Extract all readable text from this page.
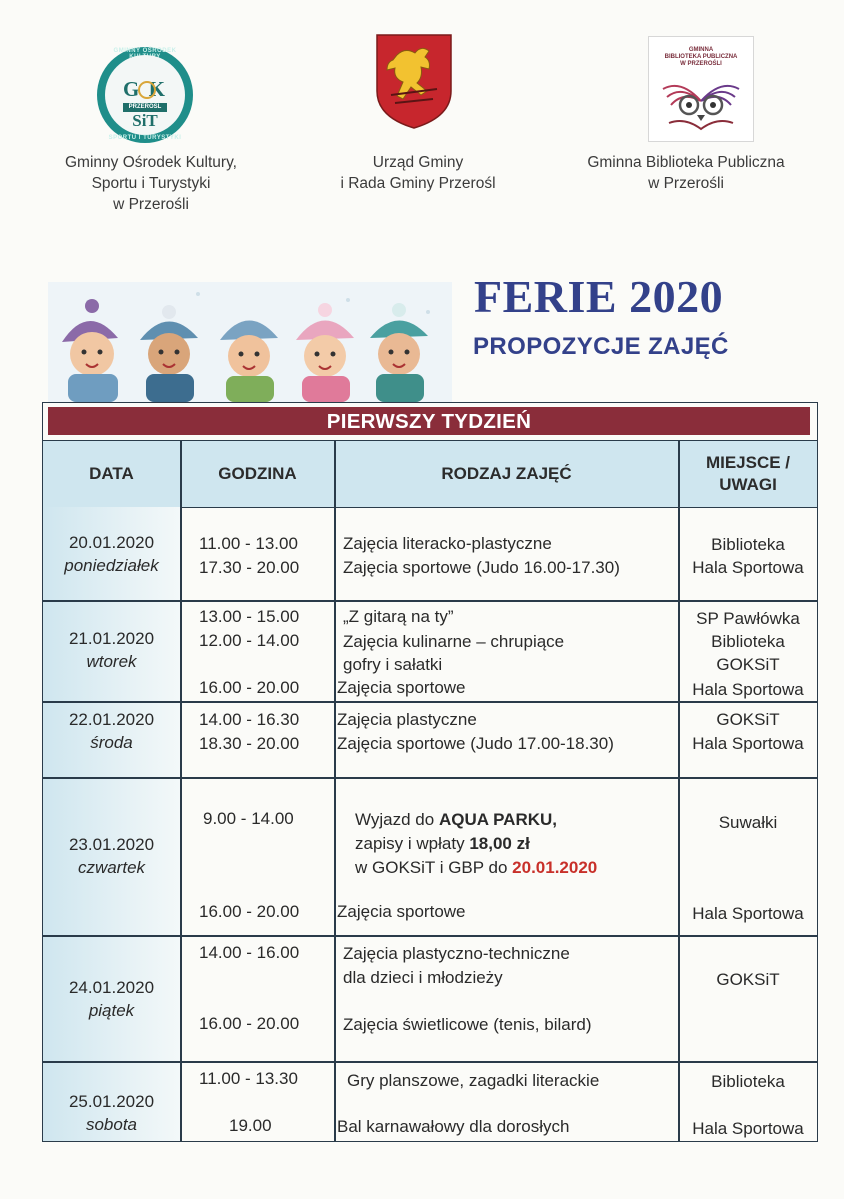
GMINNY OŚRODEK
G K
PRZEROŚL
SiT
SPORTU I TURYSTYKI
GMINNA
BIBLIOTEKA PUBLICZNA
W PRZEROŚLI
Gminny Ośrodek Kultury,
Sportu i Turystyki
w Przerośli
Urząd Gminy
i Rada Gminy Przerośl
Gminna Biblioteka Publiczna
w Przerośli
FERIE 2020
PROPOZYCJE ZAJĘĆ
PIERWSZY TYDZIEŃ
DATA	GODZINA	RODZAJ ZAJĘĆ
MIEJSCE /
UWAGI
20.01.2020
poniedziałek
11.00 - 13.00
17.30 - 20.00
Zajęcia literacko-plastyczne
Zajęcia sportowe (Judo 16.00-17.30)
Biblioteka
Hala Sportowa
21.01.2020
wtorek
13.00 - 15.00
12.00 - 14.00
16.00 - 20.00
„Z gitarą na ty”
Zajęcia kulinarne – chrupiące
gofry i sałatki
Zajęcia sportowe
SP Pawłówka
Biblioteka
GOKSiT
Hala Sportowa
22.01.2020
środa
14.00 - 16.30
18.30 - 20.00
Zajęcia plastyczne
Zajęcia sportowe (Judo 17.00-18.30)
GOKSiT
Hala Sportowa
23.01.2020
czwartek
9.00 - 14.00
16.00 - 20.00
Wyjazd do AQUA PARKU,
zapisy i wpłaty 18,00 zł
w GOKSiT i GBP do 20.01.2020
Zajęcia sportowe
Suwałki
Hala Sportowa
24.01.2020
piątek
14.00 - 16.00
16.00 - 20.00
Zajęcia plastyczno-techniczne
dla dzieci i młodzieży
Zajęcia świetlicowe (tenis, bilard)
GOKSiT
25.01.2020
sobota
11.00 - 13.30
19.00
Gry planszowe, zagadki literackie
Bal karnawałowy dla dorosłych
Biblioteka
Hala Sportowa
